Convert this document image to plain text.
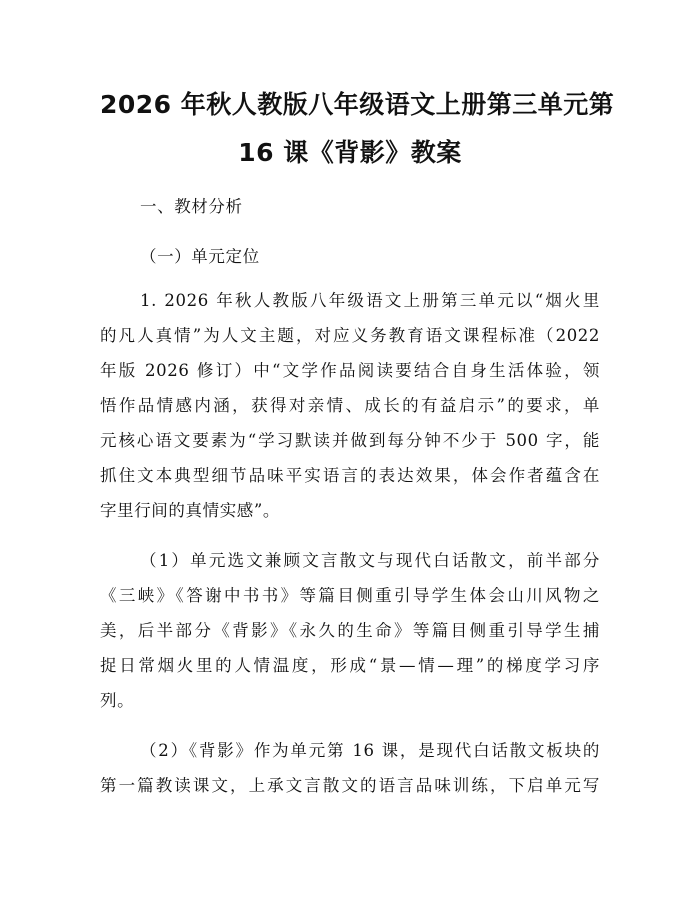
2026 年秋人教版八年级语文上册第三单元第
16 课《背影》教案
一、教材分析
（一）单元定位
1. 2026 年秋人教版八年级语文上册第三单元以“烟火里
的凡人真情”为人文主题，对应义务教育语文课程标准（2022
年版 2026 修订）中“文学作品阅读要结合自身生活体验，领
悟作品情感内涵，获得对亲情、成长的有益启示”的要求，单
元核心语文要素为“学习默读并做到每分钟不少于 500 字，能
抓住文本典型细节品味平实语言的表达效果，体会作者蕴含在
字里行间的真情实感”。
（1）单元选文兼顾文言散文与现代白话散文，前半部分
《三峡》《答谢中书书》等篇目侧重引导学生体会山川风物之
美，后半部分《背影》《永久的生命》等篇目侧重引导学生捕
捉日常烟火里的人情温度，形成“景—情—理”的梯度学习序
列。
（2）《背影》作为单元第 16 课，是现代白话散文板块的
第一篇教读课文，上承文言散文的语言品味训练，下启单元写
